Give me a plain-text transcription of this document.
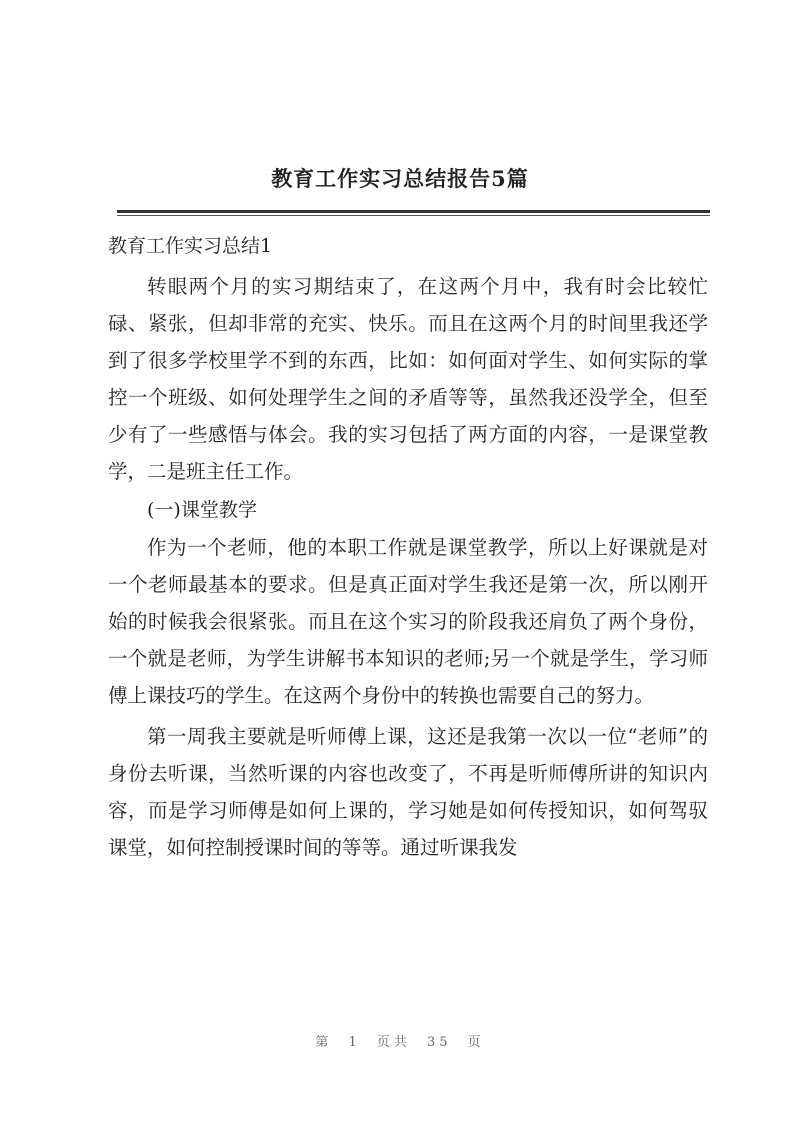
教育工作实习总结报告5篇
教育工作实习总结1

转眼两个月的实习期结束了，在这两个月中，我有时会比较忙碌、紧张，但却非常的充实、快乐。而且在这两个月的时间里我还学到了很多学校里学不到的东西，比如：如何面对学生、如何实际的掌控一个班级、如何处理学生之间的矛盾等等，虽然我还没学全，但至少有了一些感悟与体会。我的实习包括了两方面的内容，一是课堂教学，二是班主任工作。

(一)课堂教学

作为一个老师，他的本职工作就是课堂教学，所以上好课就是对一个老师最基本的要求。但是真正面对学生我还是第一次，所以刚开始的时候我会很紧张。而且在这个实习的阶段我还肩负了两个身份，一个就是老师，为学生讲解书本知识的老师;另一个就是学生，学习师傅上课技巧的学生。在这两个身份中的转换也需要自己的努力。

第一周我主要就是听师傅上课，这还是我第一次以一位“老师”的身份去听课，当然听课的内容也改变了，不再是听师傅所讲的知识内容，而是学习师傅是如何上课的，学习她是如何传授知识，如何驾驭课堂，如何控制授课时间的等等。通过听课我发

第 1 页共 35 页
